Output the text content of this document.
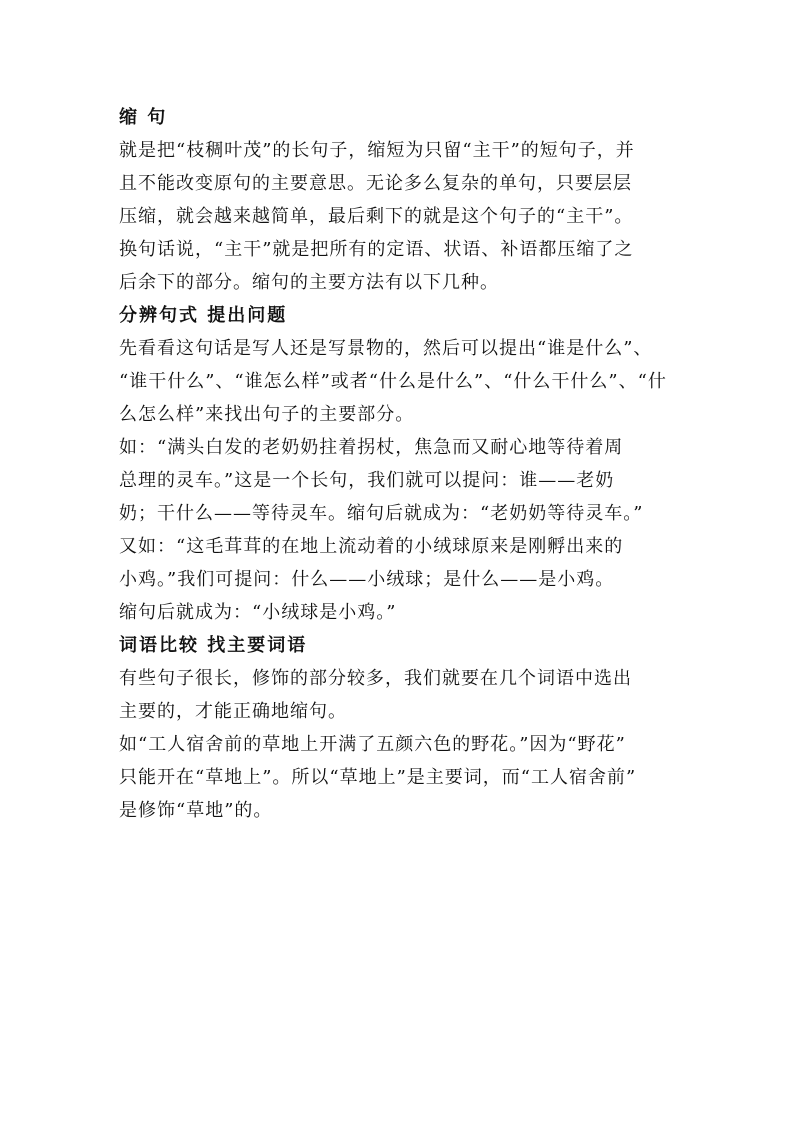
缩 句
就是把“枝稠叶茂”的长句子，缩短为只留“主干”的短句子，并
且不能改变原句的主要意思。无论多么复杂的单句，只要层层
压缩，就会越来越简单，最后剩下的就是这个句子的“主干”。
换句话说，“主干”就是把所有的定语、状语、补语都压缩了之
后余下的部分。缩句的主要方法有以下几种。
分辨句式 提出问题
先看看这句话是写人还是写景物的，然后可以提出“谁是什么”、
“谁干什么”、“谁怎么样”或者“什么是什么”、“什么干什么”、“什
么怎么样”来找出句子的主要部分。
如：“满头白发的老奶奶拄着拐杖，焦急而又耐心地等待着周
总理的灵车。”这是一个长句，我们就可以提问：谁——老奶
奶；干什么——等待灵车。缩句后就成为：“老奶奶等待灵车。”
又如：“这毛茸茸的在地上流动着的小绒球原来是刚孵出来的
小鸡。”我们可提问：什么——小绒球；是什么——是小鸡。
缩句后就成为：“小绒球是小鸡。”
词语比较 找主要词语
有些句子很长，修饰的部分较多，我们就要在几个词语中选出
主要的，才能正确地缩句。
如“工人宿舍前的草地上开满了五颜六色的野花。”因为“野花”
只能开在“草地上”。所以“草地上”是主要词，而“工人宿舍前”
是修饰“草地”的。
